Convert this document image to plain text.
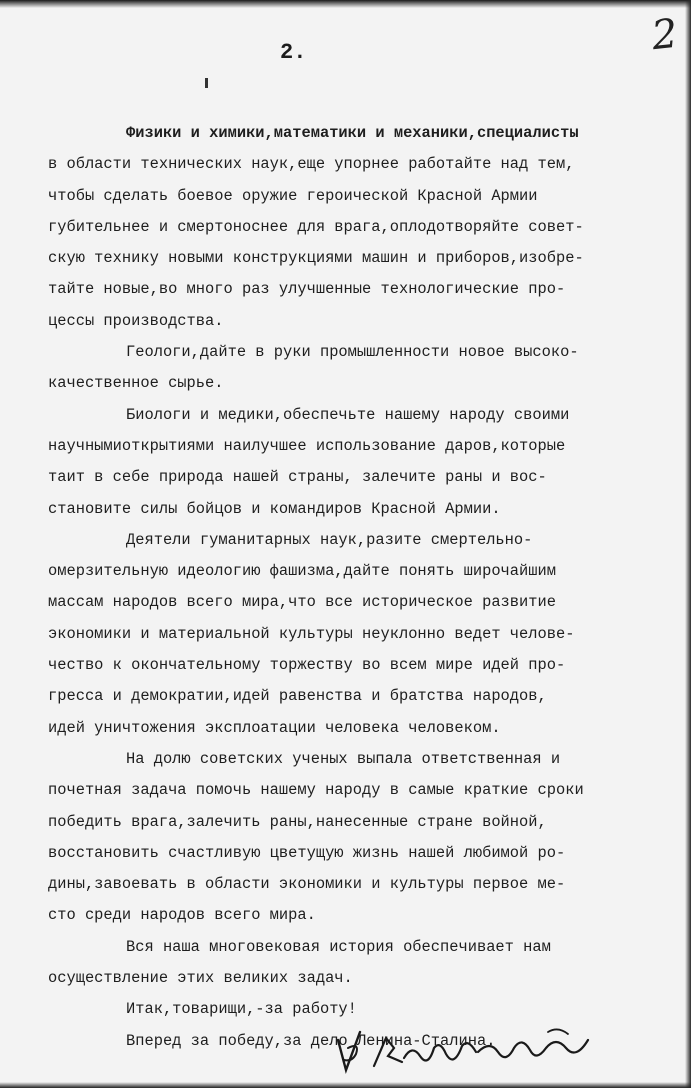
2.	2
Физики и химики,математики и механики,специалисты
в области технических наук,еще упорнее работайте над тем,
чтобы сделать боевое оружие героической Красной Армии
губительнее и смертоноснее для врага,оплодотворяйте совет-
скую технику новыми конструкциями машин и приборов,изобре-
тайте новые,во много раз улучшенные технологические про-
цессы производства.
Геологи,дайте в руки промышленности новое высоко-
качественное сырье.
Биологи и медики,обеспечьте нашему народу своими
научнымиоткрытиями наилучшее использование даров,которые
таит в себе природа нашей страны, залечите раны и вос-
становите силы бойцов и командиров Красной Армии.
Деятели гуманитарных наук,разите смертельно-
омерзительную идеологию фашизма,дайте понять широчайшим
массам народов всего мира,что все историческое развитие
экономики и материальной культуры неуклонно ведет челове-
чество к окончательному торжеству во всем мире идей про-
гресса и демократии,идей равенства и братства народов,
идей уничтожения эксплоатации человека человеком.
На долю советских ученых выпала ответственная и
почетная задача помочь нашему народу в самые краткие сроки
победить врага,залечить раны,нанесенные стране войной,
восстановить счастливую цветущую жизнь нашей любимой ро-
дины,завоевать в области экономики и культуры первое ме-
сто среди народов всего мира.
Вся наша многовековая история обеспечивает нам
осуществление этих великих задач.
Итак,товарищи,-за работу!
Вперед за победу,за дело Ленина-Сталина.
